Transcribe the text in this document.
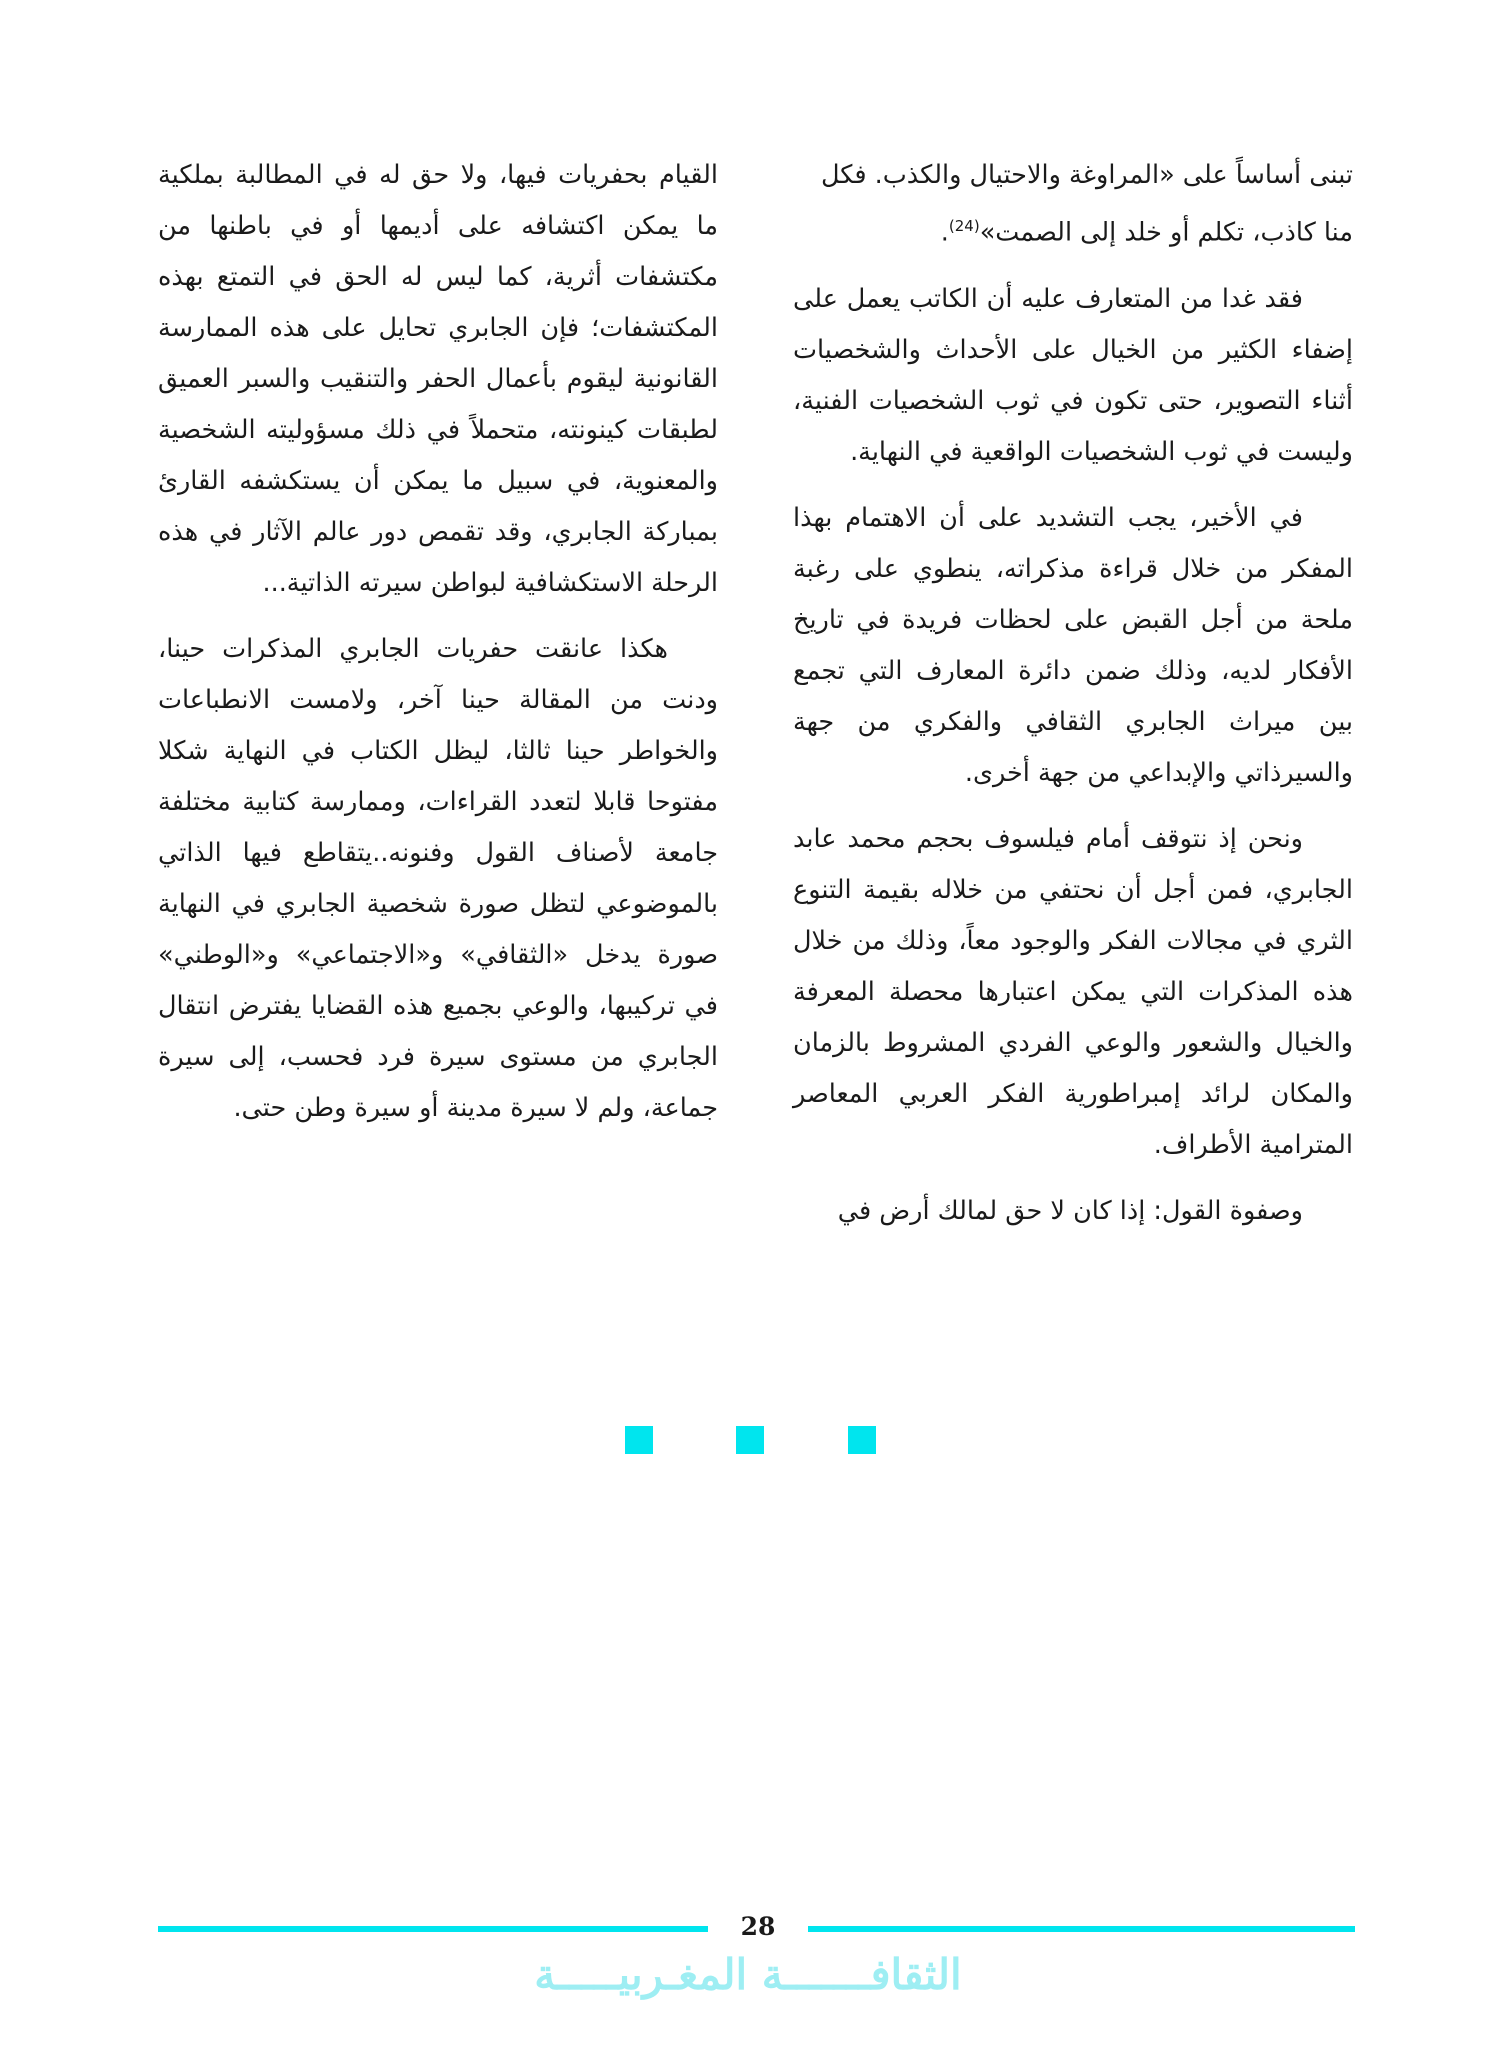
تبنى أساساً على «المراوغة والاحتيال والكذب. فكل
منا كاذب، تكلم أو خلد إلى الصمت»$^{(24)}$.

فقد غدا من المتعارف عليه أن الكاتب يعمل على إضفاء الكثير من الخيال على الأحداث والشخصيات أثناء التصوير، حتى تكون في ثوب الشخصيات الفنية، وليست في ثوب الشخصيات الواقعية في النهاية.

في الأخير، يجب التشديد على أن الاهتمام بهذا المفكر من خلال قراءة مذكراته، ينطوي على رغبة ملحة من أجل القبض على لحظات فريدة في تاريخ الأفكار لديه، وذلك ضمن دائرة المعارف التي تجمع بين ميراث الجابري الثقافي والفكري من جهة والسيرذاتي والإبداعي من جهة أخرى.

ونحن إذ نتوقف أمام فيلسوف بحجم محمد عابد الجابري، فمن أجل أن نحتفي من خلاله بقيمة التنوع الثري في مجالات الفكر والوجود معاً، وذلك من خلال هذه المذكرات التي يمكن اعتبارها محصلة المعرفة والخيال والشعور والوعي الفردي المشروط بالزمان والمكان لرائد إمبراطورية الفكر العربي المعاصر المترامية الأطراف.

وصفوة القول: إذا كان لا حق لمالك أرض في

القيام بحفريات فيها، ولا حق له في المطالبة بملكية ما يمكن اكتشافه على أديمها أو في باطنها من مكتشفات أثرية، كما ليس له الحق في التمتع بهذه المكتشفات؛ فإن الجابري تحايل على هذه الممارسة القانونية ليقوم بأعمال الحفر والتنقيب والسبر العميق لطبقات كينونته، متحملاً في ذلك مسؤوليته الشخصية والمعنوية، في سبيل ما يمكن أن يستكشفه القارئ بمباركة الجابري، وقد تقمص دور عالم الآثار في هذه الرحلة الاستكشافية لبواطن سيرته الذاتية...

هكذا عانقت حفريات الجابري المذكرات حينا، ودنت من المقالة حينا آخر، ولامست الانطباعات والخواطر حينا ثالثا، ليظل الكتاب في النهاية شكلا مفتوحا قابلا لتعدد القراءات، وممارسة كتابية مختلفة جامعة لأصناف القول وفنونه..يتقاطع فيها الذاتي بالموضوعي لتظل صورة شخصية الجابري في النهاية صورة يدخل «الثقافي» و«الاجتماعي» و«الوطني» في تركيبها، والوعي بجميع هذه القضايا يفترض انتقال الجابري من مستوى سيرة فرد فحسب، إلى سيرة جماعة، ولم لا سيرة مدينة أو سيرة وطن حتى.

28
الثقافـــــــة المغـربيـــــة
